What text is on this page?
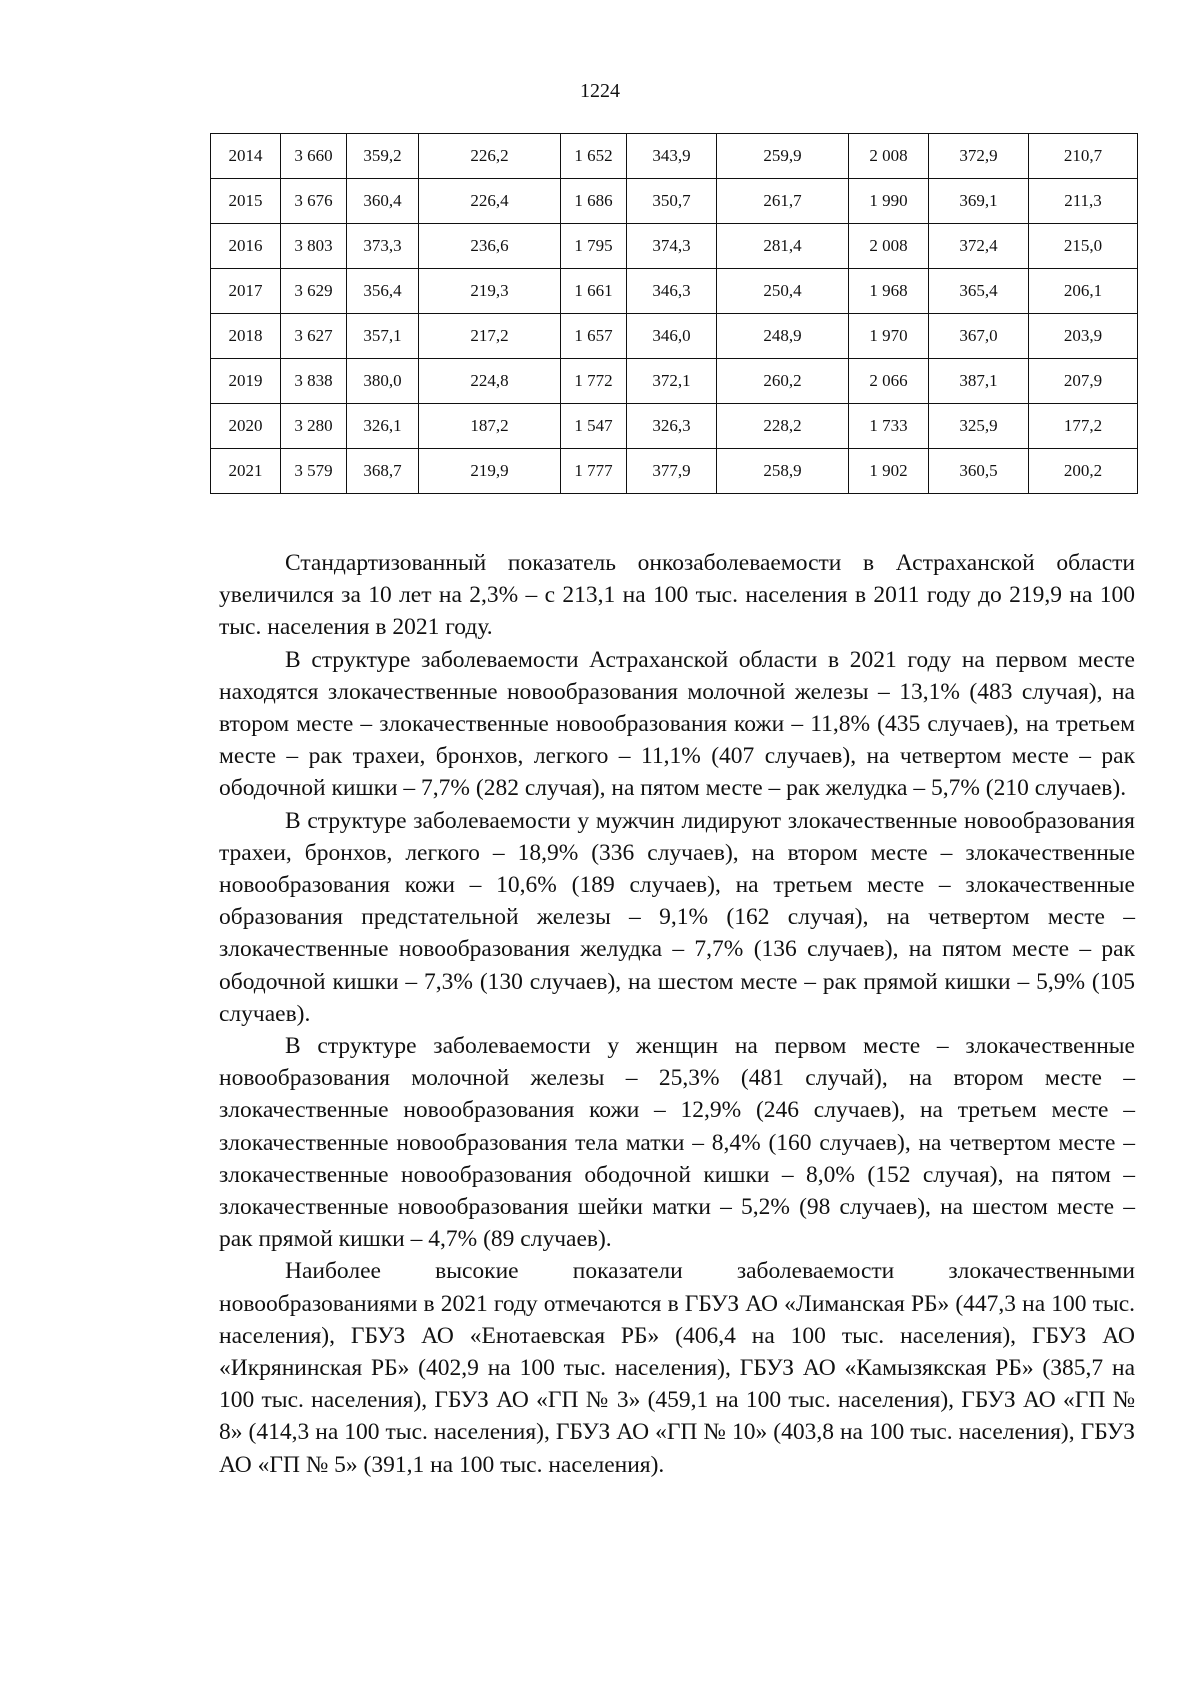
1224
2014	3 660	359,2	226,2	1 652	343,9	259,9	2 008	372,9	210,7
2015	3 676	360,4	226,4	1 686	350,7	261,7	1 990	369,1	211,3
2016	3 803	373,3	236,6	1 795	374,3	281,4	2 008	372,4	215,0
2017	3 629	356,4	219,3	1 661	346,3	250,4	1 968	365,4	206,1
2018	3 627	357,1	217,2	1 657	346,0	248,9	1 970	367,0	203,9
2019	3 838	380,0	224,8	1 772	372,1	260,2	2 066	387,1	207,9
2020	3 280	326,1	187,2	1 547	326,3	228,2	1 733	325,9	177,2
2021	3 579	368,7	219,9	1 777	377,9	258,9	1 902	360,5	200,2

Стандартизованный показатель онкозаболеваемости в Астраханской области увеличился за 10 лет на 2,3% – с 213,1 на 100 тыс. населения в 2011 году до 219,9 на 100 тыс. населения в 2021 году.

В структуре заболеваемости Астраханской области в 2021 году на первом месте находятся злокачественные новообразования молочной железы – 13,1% (483 случая), на втором месте – злокачественные новообразования кожи – 11,8% (435 случаев), на третьем месте – рак трахеи, бронхов, легкого – 11,1% (407 случаев), на четвертом месте – рак ободочной кишки – 7,7% (282 случая), на пятом месте – рак желудка – 5,7% (210 случаев).

В структуре заболеваемости у мужчин лидируют злокачественные новообразования трахеи, бронхов, легкого – 18,9% (336 случаев), на втором месте – злокачественные новообразования кожи – 10,6% (189 случаев), на третьем месте – злокачественные образования предстательной железы – 9,1% (162 случая), на четвертом месте – злокачественные новообразования желудка – 7,7% (136 случаев), на пятом месте – рак ободочной кишки – 7,3% (130 случаев), на шестом месте – рак прямой кишки – 5,9% (105 случаев).

В структуре заболеваемости у женщин на первом месте – злокачественные новообразования молочной железы – 25,3% (481 случай), на втором месте – злокачественные новообразования кожи – 12,9% (246 случаев), на третьем месте – злокачественные новообразования тела матки – 8,4% (160 случаев), на четвертом месте – злокачественные новообразования ободочной кишки – 8,0% (152 случая), на пятом – злокачественные новообразования шейки матки – 5,2% (98 случаев), на шестом месте – рак прямой кишки – 4,7% (89 случаев).

Наиболее высокие показатели заболеваемости злокачественными новообразованиями в 2021 году отмечаются в ГБУЗ АО «Лиманская РБ» (447,3 на 100 тыс. населения), ГБУЗ АО «Енотаевская РБ» (406,4 на 100 тыс. населения), ГБУЗ АО «Икрянинская РБ» (402,9 на 100 тыс. населения), ГБУЗ АО «Камызякская РБ» (385,7 на 100 тыс. населения), ГБУЗ АО «ГП № 3» (459,1 на 100 тыс. населения), ГБУЗ АО «ГП № 8» (414,3 на 100 тыс. населения), ГБУЗ АО «ГП № 10» (403,8 на 100 тыс. населения), ГБУЗ АО «ГП № 5» (391,1 на 100 тыс. населения).
